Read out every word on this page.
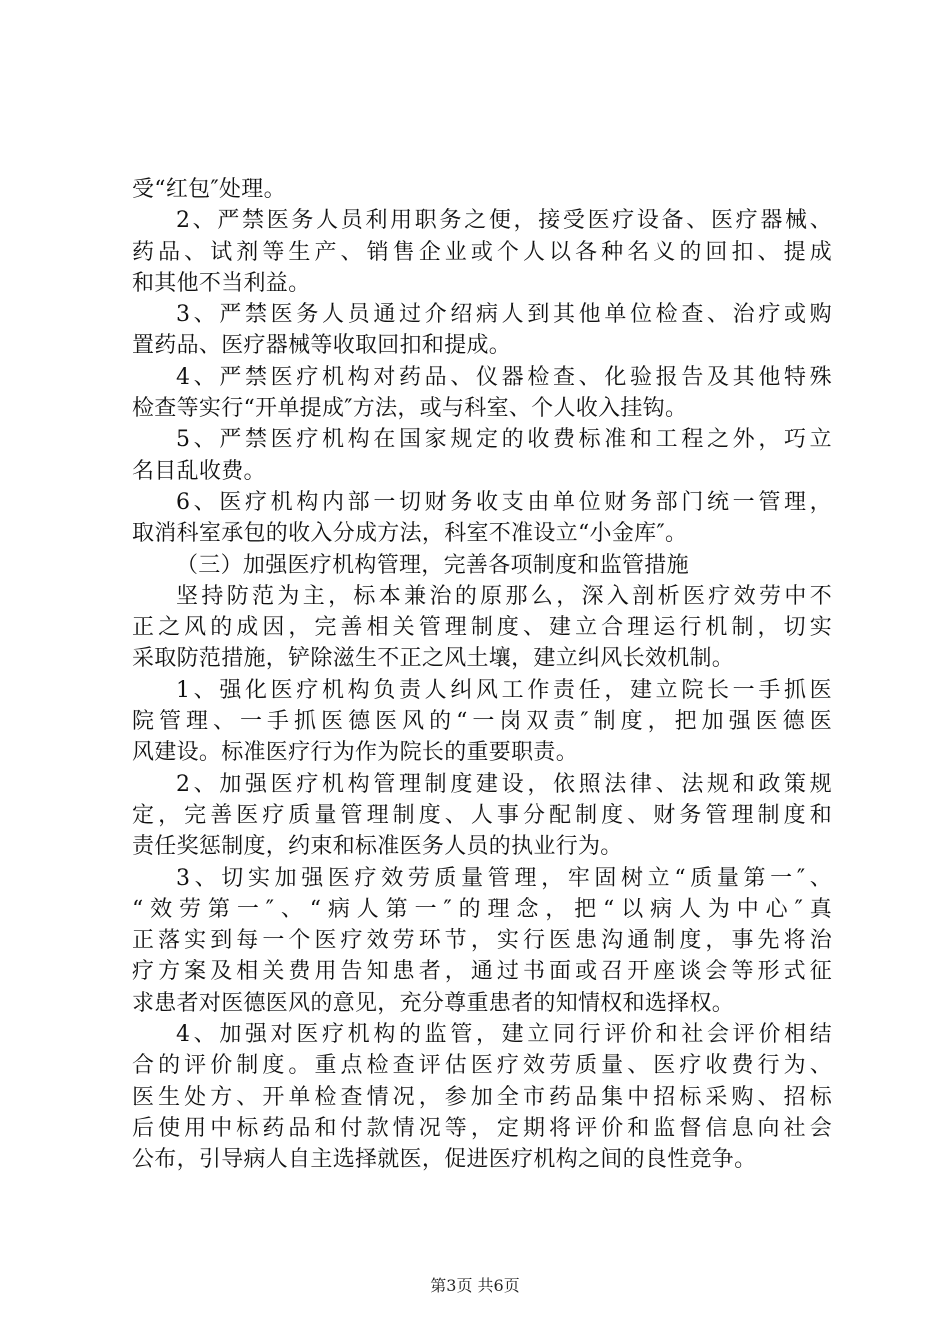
受“红包″处理。
2、严禁医务人员利用职务之便，接受医疗设备、医疗器械、
药品、试剂等生产、销售企业或个人以各种名义的回扣、提成
和其他不当利益。
3、严禁医务人员通过介绍病人到其他单位检查、治疗或购
置药品、医疗器械等收取回扣和提成。
4、严禁医疗机构对药品、仪器检查、化验报告及其他特殊
检查等实行“开单提成″方法，或与科室、个人收入挂钩。
5、严禁医疗机构在国家规定的收费标准和工程之外，巧立
名目乱收费。
6、医疗机构内部一切财务收支由单位财务部门统一管理，
取消科室承包的收入分成方法，科室不准设立“小金库″。
（三）加强医疗机构管理，完善各项制度和监管措施
坚持防范为主，标本兼治的原那么，深入剖析医疗效劳中不
正之风的成因，完善相关管理制度、建立合理运行机制，切实
采取防范措施，铲除滋生不正之风土壤，建立纠风长效机制。
1、强化医疗机构负责人纠风工作责任，建立院长一手抓医
院管理、一手抓医德医风的“一岗双责″制度，把加强医德医
风建设。标准医疗行为作为院长的重要职责。
2、加强医疗机构管理制度建设，依照法律、法规和政策规
定，完善医疗质量管理制度、人事分配制度、财务管理制度和
责任奖惩制度，约束和标准医务人员的执业行为。
3、切实加强医疗效劳质量管理，牢固树立“质量第一″、
“效劳第一″、“病人第一″的理念，把“以病人为中心″真
正落实到每一个医疗效劳环节，实行医患沟通制度，事先将治
疗方案及相关费用告知患者，通过书面或召开座谈会等形式征
求患者对医德医风的意见，充分尊重患者的知情权和选择权。
4、加强对医疗机构的监管，建立同行评价和社会评价相结
合的评价制度。重点检查评估医疗效劳质量、医疗收费行为、
医生处方、开单检查情况，参加全市药品集中招标采购、招标
后使用中标药品和付款情况等，定期将评价和监督信息向社会
公布，引导病人自主选择就医，促进医疗机构之间的良性竞争。
第3页 共6页
